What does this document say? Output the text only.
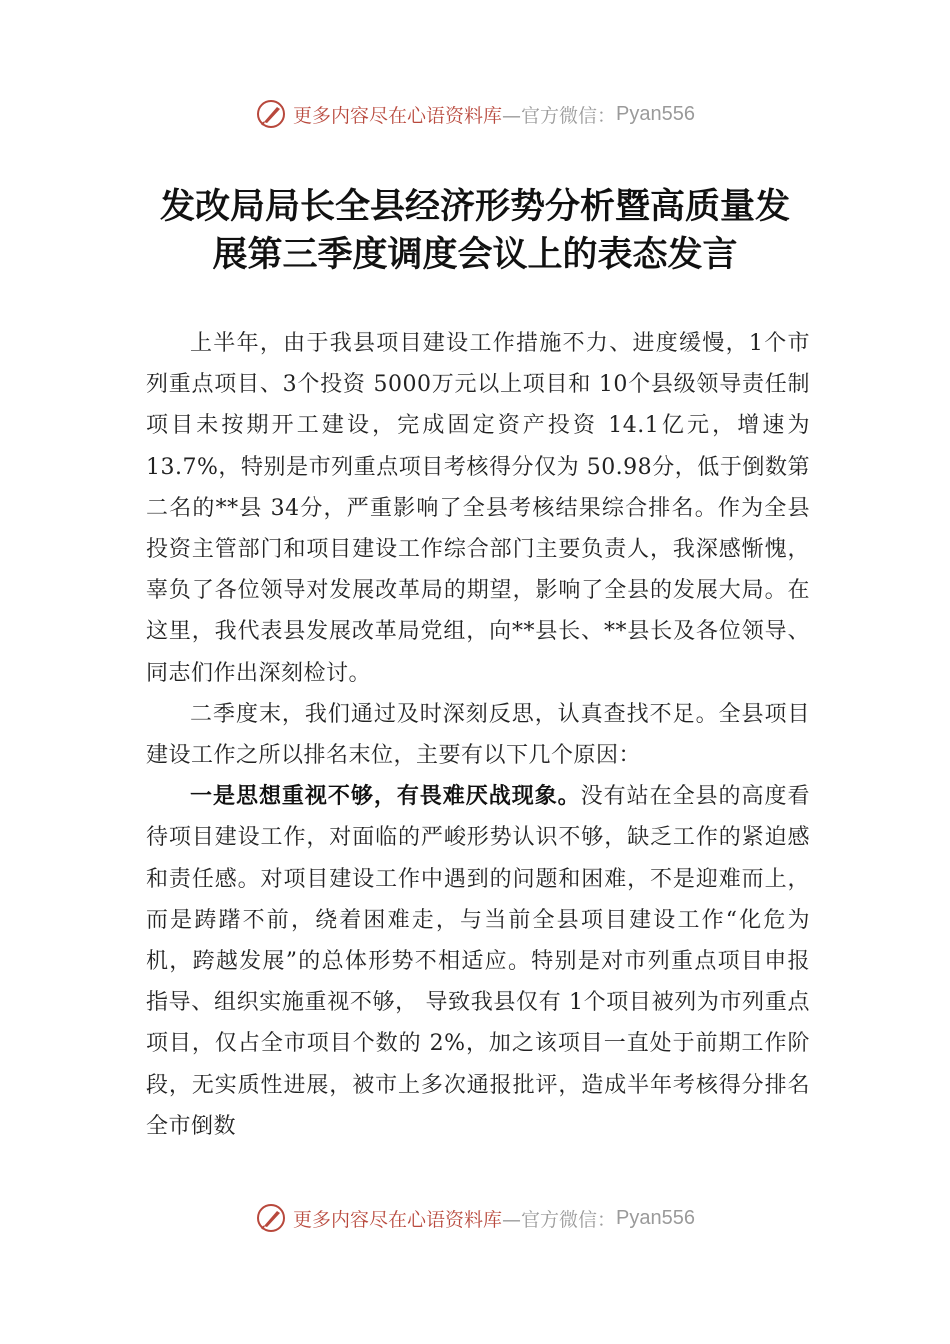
更多内容尽在心语资料库 —官方微信： Pyan556
发改局局长全县经济形势分析暨高质量发
展第三季度调度会议上的表态发言

上半年，由于我县项目建设工作措施不力、进度缓慢，1个市列重点项目、3个投资 5000万元以上项目和 10个县级领导责任制项目未按期开工建设，完成固定资产投资 14.1亿元，增速为 13.7%，特别是市列重点项目考核得分仅为 50.98分，低于倒数第二名的**县 34分，严重影响了全县考核结果综合排名。作为全县投资主管部门和项目建设工作综合部门主要负责人，我深感惭愧，辜负了各位领导对发展改革局的期望，影响了全县的发展大局。在这里，我代表县发展改革局党组，向**县长、**县长及各位领导、同志们作出深刻检讨。

二季度末，我们通过及时深刻反思，认真查找不足。全县项目建设工作之所以排名末位，主要有以下几个原因：

一是思想重视不够，有畏难厌战现象。没有站在全县的高度看待项目建设工作，对面临的严峻形势认识不够，缺乏工作的紧迫感和责任感。对项目建设工作中遇到的问题和困难，不是迎难而上，而是踌躇不前，绕着困难走，与当前全县项目建设工作“化危为机，跨越发展”的总体形势不相适应。特别是对市列重点项目申报指导、组织实施重视不够， 导致我县仅有 1个项目被列为市列重点项目，仅占全市项目个数的 2%，加之该项目一直处于前期工作阶段，无实质性进展，被市上多次通报批评，造成半年考核得分排名全市倒数

更多内容尽在心语资料库 —官方微信： Pyan556
